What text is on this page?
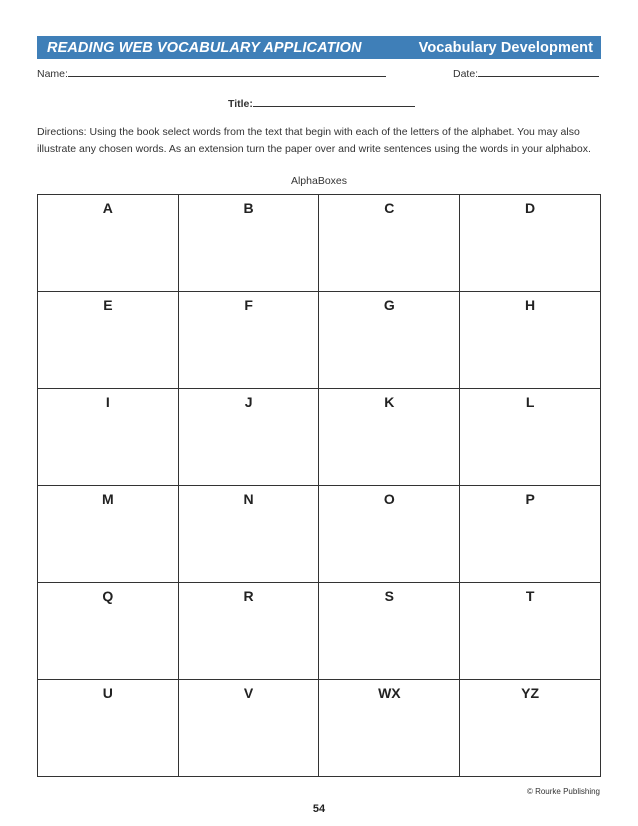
READING WEB VOCABULARY APPLICATION	Vocabulary Development
Name:	Date:
Title:
Directions: Using the book select words from the text that begin with each of the letters of the alphabet. You may also illustrate any chosen words. As an extension turn the paper over and write sentences using the words in your alphabox.
AlphaBoxes
A	B	C	D

E	F	G	H

I	J	K	L

M	N	O	P

Q	R	S	T

U	V	WX	YZ
© Rourke Publishing
54
